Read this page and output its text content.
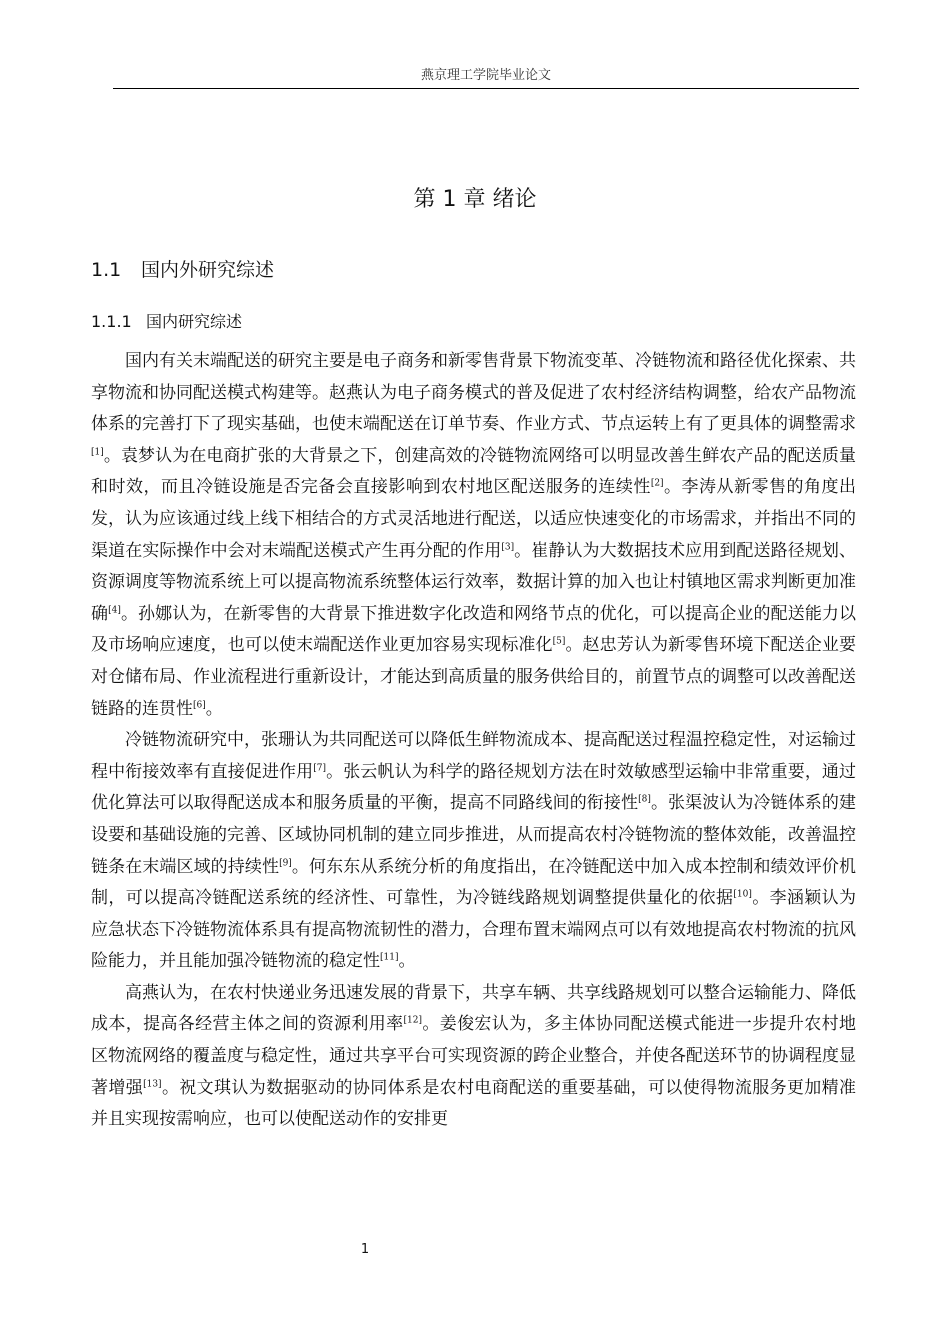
燕京理工学院毕业论文
第 1 章 绪论
1.1 国内外研究综述
1.1.1 国内研究综述

国内有关末端配送的研究主要是电子商务和新零售背景下物流变革、冷链物流和路径优化探索、共享物流和协同配送模式构建等。赵燕认为电子商务模式的普及促进了农村经济结构调整，给农产品物流体系的完善打下了现实基础，也使末端配送在订单节奏、作业方式、节点运转上有了更具体的调整需求[1]。袁梦认为在电商扩张的大背景之下，创建高效的冷链物流网络可以明显改善生鲜农产品的配送质量和时效，而且冷链设施是否完备会直接影响到农村地区配送服务的连续性[2]。李涛从新零售的角度出发，认为应该通过线上线下相结合的方式灵活地进行配送，以适应快速变化的市场需求，并指出不同的渠道在实际操作中会对末端配送模式产生再分配的作用[3]。崔静认为大数据技术应用到配送路径规划、资源调度等物流系统上可以提高物流系统整体运行效率，数据计算的加入也让村镇地区需求判断更加准确[4]。孙娜认为，在新零售的大背景下推进数字化改造和网络节点的优化，可以提高企业的配送能力以及市场响应速度，也可以使末端配送作业更加容易实现标准化[5]。赵忠芳认为新零售环境下配送企业要对仓储布局、作业流程进行重新设计，才能达到高质量的服务供给目的，前置节点的调整可以改善配送链路的连贯性[6]。

冷链物流研究中，张珊认为共同配送可以降低生鲜物流成本、提高配送过程温控稳定性，对运输过程中衔接效率有直接促进作用[7]。张云帆认为科学的路径规划方法在时效敏感型运输中非常重要，通过优化算法可以取得配送成本和服务质量的平衡，提高不同路线间的衔接性[8]。张渠波认为冷链体系的建设要和基础设施的完善、区域协同机制的建立同步推进，从而提高农村冷链物流的整体效能，改善温控链条在末端区域的持续性[9]。何东东从系统分析的角度指出，在冷链配送中加入成本控制和绩效评价机制，可以提高冷链配送系统的经济性、可靠性，为冷链线路规划调整提供量化的依据[10]。李涵颖认为应急状态下冷链物流体系具有提高物流韧性的潜力，合理布置末端网点可以有效地提高农村物流的抗风险能力，并且能加强冷链物流的稳定性[11]。

高燕认为，在农村快递业务迅速发展的背景下，共享车辆、共享线路规划可以整合运输能力、降低成本，提高各经营主体之间的资源利用率[12]。姜俊宏认为，多主体协同配送模式能进一步提升农村地区物流网络的覆盖度与稳定性，通过共享平台可实现资源的跨企业整合，并使各配送环节的协调程度显著增强[13]。祝文琪认为数据驱动的协同体系是农村电商配送的重要基础，可以使得物流服务更加精准并且实现按需响应，也可以使配送动作的安排更

1
